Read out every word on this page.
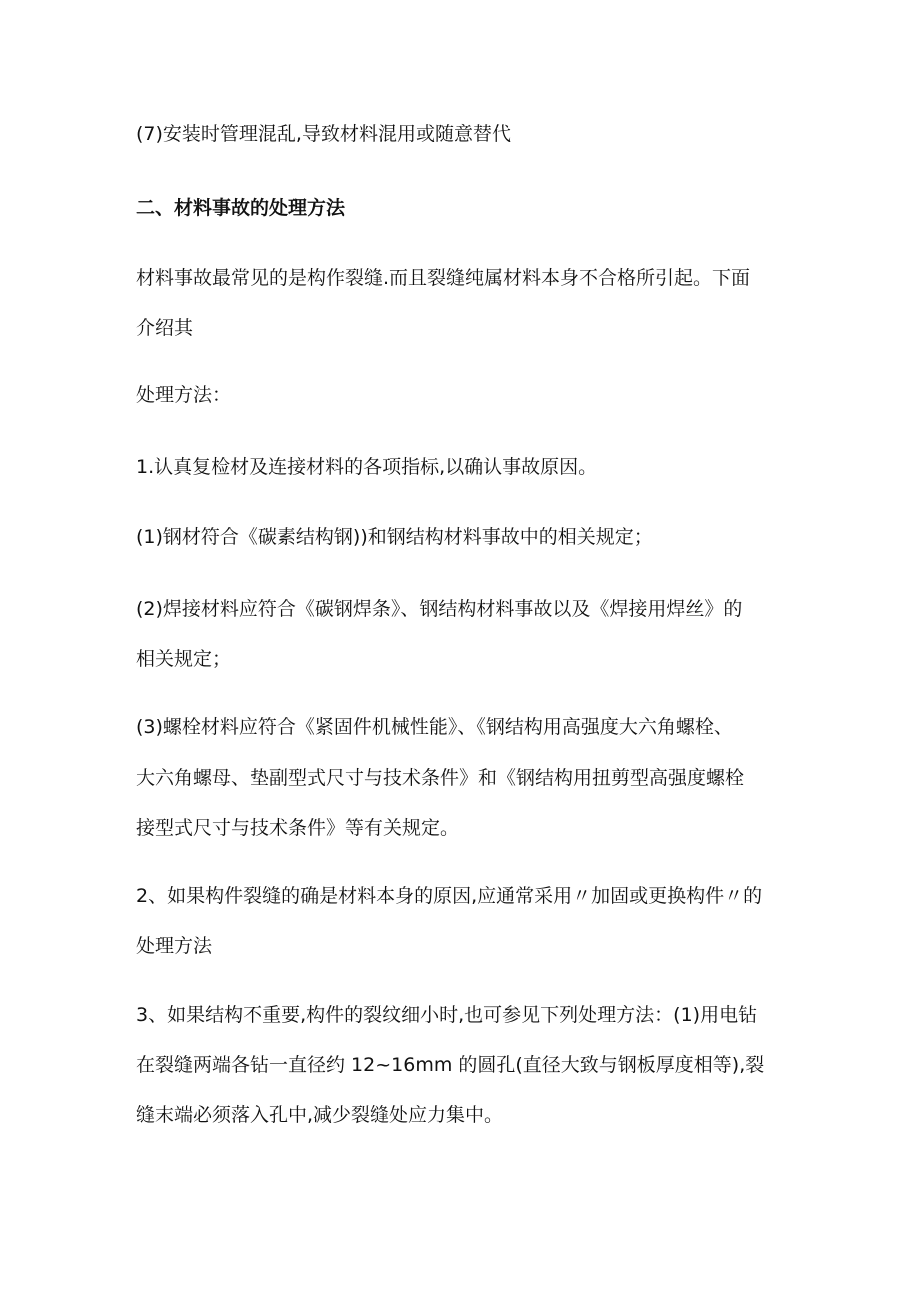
(7)安装时管理混乱,导致材料混用或随意替代
二、材料事故的处理方法
材料事故最常见的是构作裂缝.而且裂缝纯属材料本身不合格所引起。下面
介绍其
处理方法：
1.认真复检材及连接材料的各项指标,以确认事故原因。
(1)钢材符合《碳素结构钢))和钢结构材料事故中的相关规定；
(2)焊接材料应符合《碳钢焊条》、钢结构材料事故以及《焊接用焊丝》的
相关规定；
(3)螺栓材料应符合《紧固件机械性能》、《钢结构用高强度大六角螺栓、
大六角螺母、垫副型式尺寸与技术条件》和《钢结构用扭剪型高强度螺栓
接型式尺寸与技术条件》等有关规定。
2、如果构件裂缝的确是材料本身的原因,应通常采用〃加固或更换构件〃的
处理方法
3、如果结构不重要,构件的裂纹细小时,也可参见下列处理方法：(1)用电钻
在裂缝两端各钻一直径约 12~16mm 的圆孔(直径大致与钢板厚度相等),裂
缝末端必须落入孔中,减少裂缝处应力集中。
